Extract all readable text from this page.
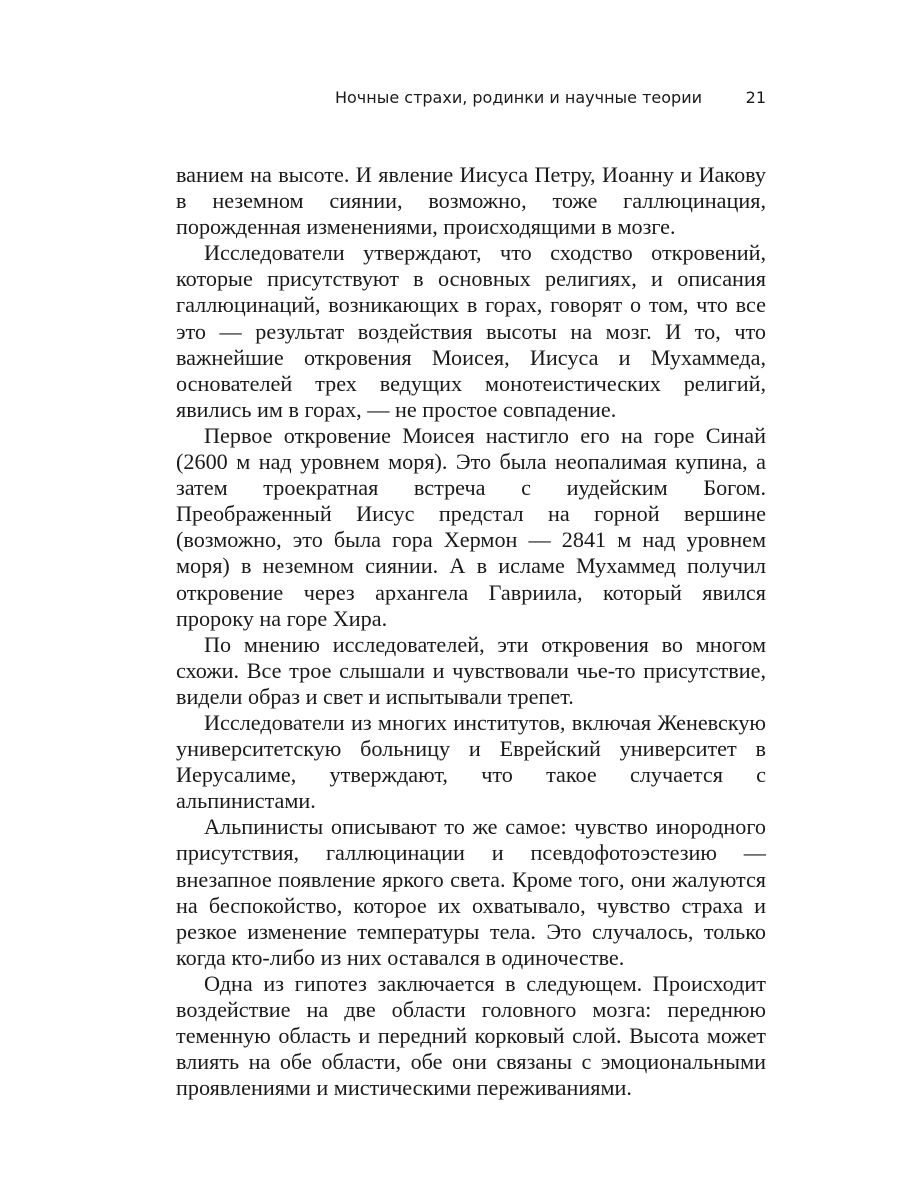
Ночные страхи, родинки и научные теории	21

ванием на высоте. И явление Иисуса Петру, Иоанну и Иакову в неземном сиянии, возможно, тоже галлюцинация, порожденная изменениями, происходящими в мозге.

Исследователи утверждают, что сходство откровений, которые присутствуют в основных религиях, и описания галлюцинаций, возникающих в горах, говорят о том, что все это — результат воздействия высоты на мозг. И то, что важнейшие откровения Моисея, Иисуса и Мухаммеда, основателей трех ведущих монотеистических религий, явились им в горах, — не простое совпадение.

Первое откровение Моисея настигло его на горе Синай (2600 м над уровнем моря). Это была неопалимая купина, а затем троекратная встреча с иудейским Богом. Преображенный Иисус предстал на горной вершине (возможно, это была гора Хермон — 2841 м над уровнем моря) в неземном сиянии. А в исламе Мухаммед получил откровение через архангела Гавриила, который явился пророку на горе Хира.

По мнению исследователей, эти откровения во многом схожи. Все трое слышали и чувствовали чье-то присутствие, видели образ и свет и испытывали трепет.

Исследователи из многих институтов, включая Женевскую университетскую больницу и Еврейский университет в Иерусалиме, утверждают, что такое случается с альпинистами.

Альпинисты описывают то же самое: чувство инородного присутствия, галлюцинации и псевдофотоэстезию — внезапное появление яркого света. Кроме того, они жалуются на беспокойство, которое их охватывало, чувство страха и резкое изменение температуры тела. Это случалось, только когда кто-либо из них оставался в одиночестве.

Одна из гипотез заключается в следующем. Происходит воздействие на две области головного мозга: переднюю теменную область и передний корковый слой. Высота может влиять на обе области, обе они связаны с эмоциональными проявлениями и мистическими переживаниями.
